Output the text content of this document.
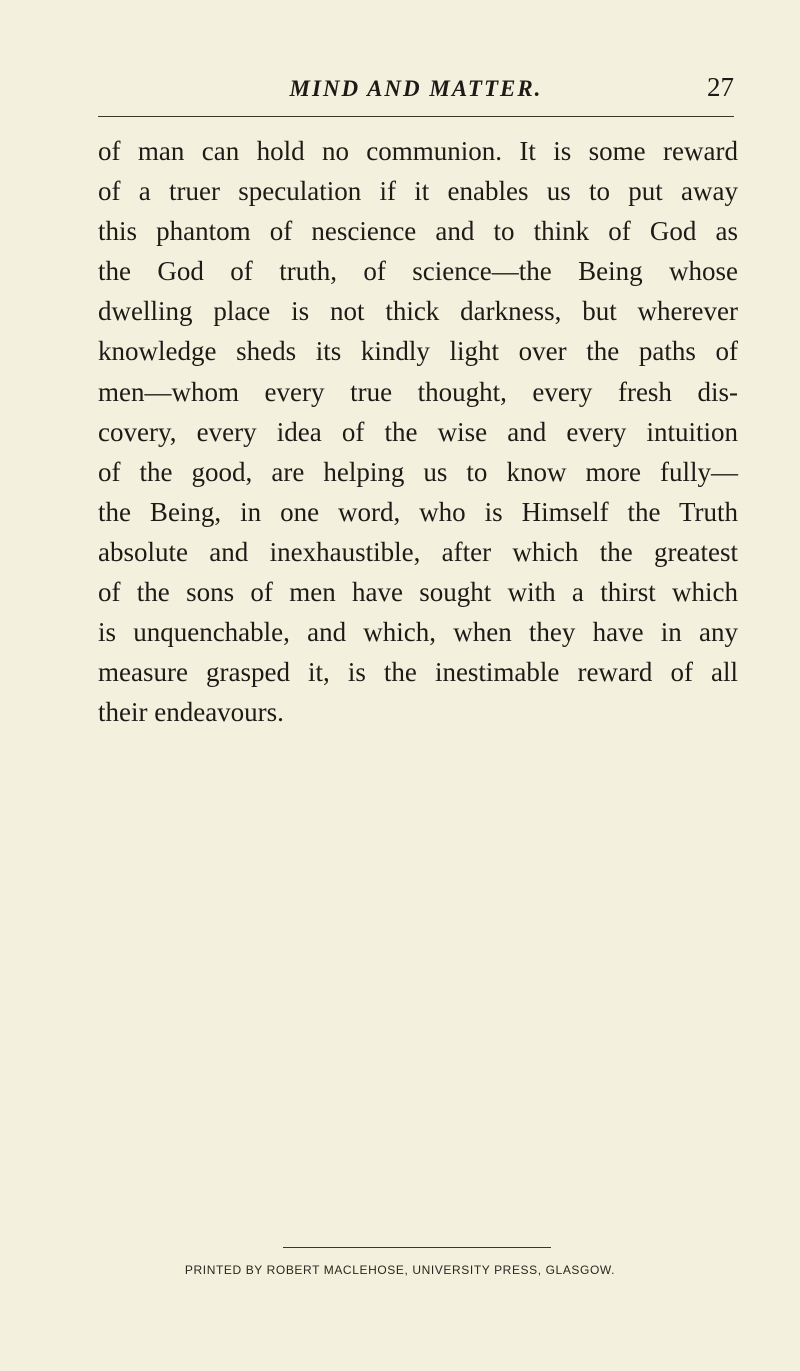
MIND AND MATTER.	27
of man can hold no communion. It is some reward
of a truer speculation if it enables us to put away
this phantom of nescience and to think of God as
the God of truth, of science—the Being whose
dwelling place is not thick darkness, but wherever
knowledge sheds its kindly light over the paths of
men—whom every true thought, every fresh dis-
covery, every idea of the wise and every intuition
of the good, are helping us to know more fully—
the Being, in one word, who is Himself the Truth
absolute and inexhaustible, after which the greatest
of the sons of men have sought with a thirst which
is unquenchable, and which, when they have in any
measure grasped it, is the inestimable reward of all
their endeavours.
PRINTED BY ROBERT MACLEHOSE, UNIVERSITY PRESS, GLASGOW.
